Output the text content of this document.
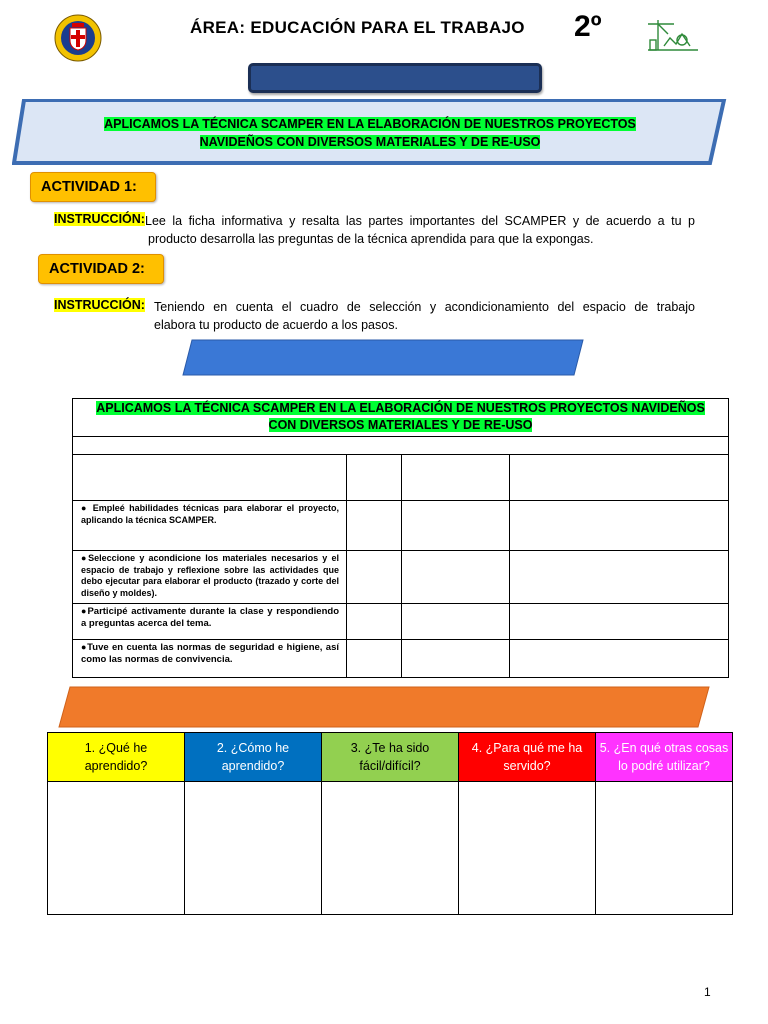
ÁREA: EDUCACIÓN PARA EL TRABAJO 2º
APLICAMOS LA TÉCNICA SCAMPER EN LA ELABORACIÓN DE NUESTROS PROYECTOS
NAVIDEÑOS CON DIVERSOS MATERIALES Y DE RE-USO
ACTIVIDAD 1:
INSTRUCCIÓN: Lee la ficha informativa y resalta las partes importantes del SCAMPER y de acuerdo a tu p
producto desarrolla las preguntas de la técnica aprendida para que la expongas.
ACTIVIDAD 2:
INSTRUCCIÓN: Teniendo en cuenta el cuadro de selección y acondicionamiento del espacio de trabajo
elabora tu producto de acuerdo a los pasos.
APLICAMOS LA TÉCNICA SCAMPER EN LA ELABORACIÓN DE NUESTROS PROYECTOS NAVIDEÑOS
CON DIVERSOS MATERIALES Y DE RE-USO			

● Empleé habilidades técnicas para elaborar el proyecto, aplicando la técnica SCAMPER.			
●Seleccione y acondicione los materiales necesarios y el espacio de trabajo y reflexione sobre las actividades que debo ejecutar para elaborar el producto (trazado y corte del diseño y moldes).			
●Participé activamente durante la clase y respondiendo a preguntas acerca del tema.			
●Tuve en cuenta las normas de seguridad e higiene, así como las normas de convivencia.			
1. ¿Qué he
aprendido?	2. ¿Cómo he
aprendido?	3. ¿Te ha sido
fácil/difícil?	4. ¿Para qué me ha
servido?	5. ¿En qué otras cosas
lo podré utilizar?

1
